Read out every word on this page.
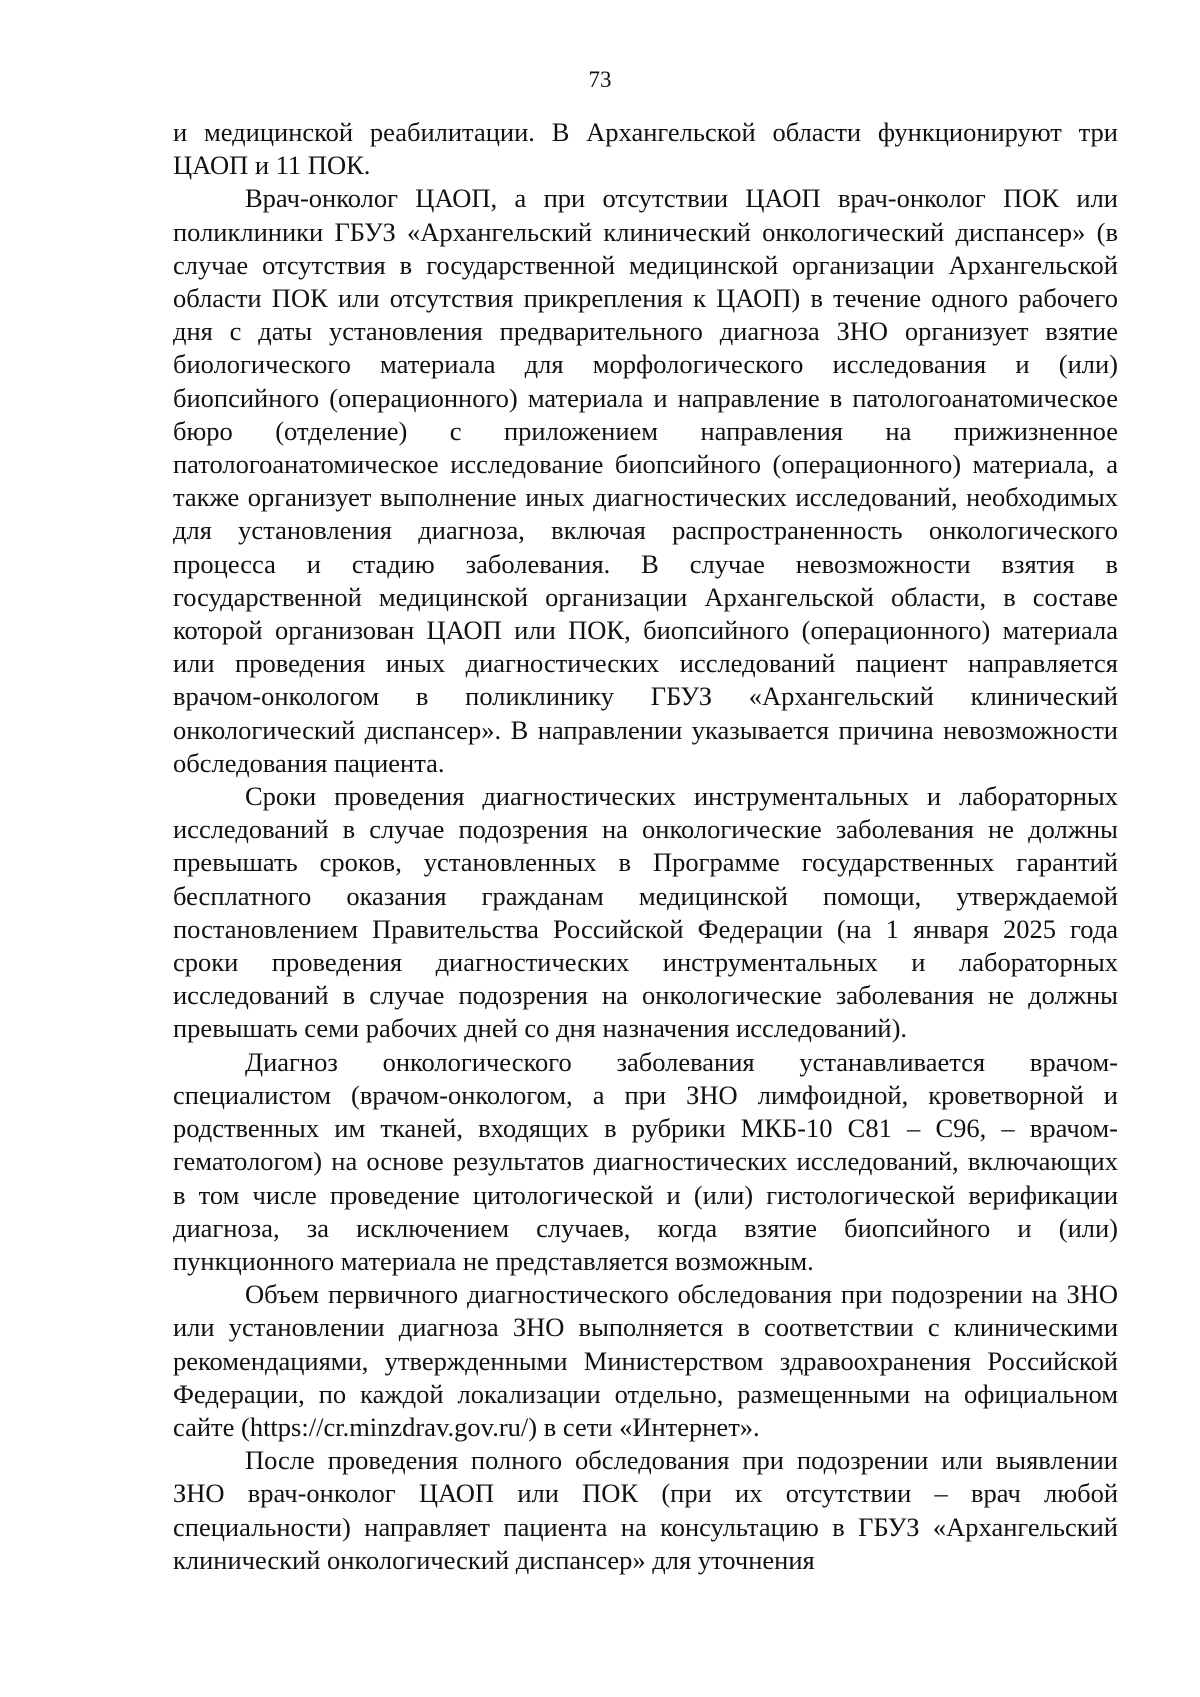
73

и медицинской реабилитации. В Архангельской области функционируют три ЦАОП и 11 ПОК.

Врач-онколог ЦАОП, а при отсутствии ЦАОП врач-онколог ПОК или поликлиники ГБУЗ «Архангельский клинический онкологический диспансер» (в случае отсутствия в государственной медицинской организации Архангельской области ПОК или отсутствия прикрепления к ЦАОП) в течение одного рабочего дня с даты установления предварительного диагноза ЗНО организует взятие биологического материала для морфологического исследования и (или) биопсийного (операционного) материала и направление в патологоанатомическое бюро (отделение) с приложением направления на прижизненное патологоанатомическое исследование биопсийного (операционного) материала, а также организует выполнение иных диагностических исследований, необходимых для установления диагноза, включая распространенность онкологического процесса и стадию заболевания. В случае невозможности взятия в государственной медицинской организации Архангельской области, в составе которой организован ЦАОП или ПОК, биопсийного (операционного) материала или проведения иных диагностических исследований пациент направляется врачом-онкологом в поликлинику ГБУЗ «Архангельский клинический онкологический диспансер». В направлении указывается причина невозможности обследования пациента.

Сроки проведения диагностических инструментальных и лабораторных исследований в случае подозрения на онкологические заболевания не должны превышать сроков, установленных в Программе государственных гарантий бесплатного оказания гражданам медицинской помощи, утверждаемой постановлением Правительства Российской Федерации (на 1 января 2025 года сроки проведения диагностических инструментальных и лабораторных исследований в случае подозрения на онкологические заболевания не должны превышать семи рабочих дней со дня назначения исследований).

Диагноз онкологического заболевания устанавливается врачом-специалистом (врачом-онкологом, а при ЗНО лимфоидной, кроветворной и родственных им тканей, входящих в рубрики МКБ-10 С81 – С96, – врачом-гематологом) на основе результатов диагностических исследований, включающих в том числе проведение цитологической и (или) гистологической верификации диагноза, за исключением случаев, когда взятие биопсийного и (или) пункционного материала не представляется возможным.

Объем первичного диагностического обследования при подозрении на ЗНО или установлении диагноза ЗНО выполняется в соответствии с клиническими рекомендациями, утвержденными Министерством здравоохранения Российской Федерации, по каждой локализации отдельно, размещенными на официальном сайте (https://cr.minzdrav.gov.ru/) в сети «Интернет».

После проведения полного обследования при подозрении или выявлении ЗНО врач-онколог ЦАОП или ПОК (при их отсутствии – врач любой специальности) направляет пациента на консультацию в ГБУЗ «Архангельский клинический онкологический диспансер» для уточнения
